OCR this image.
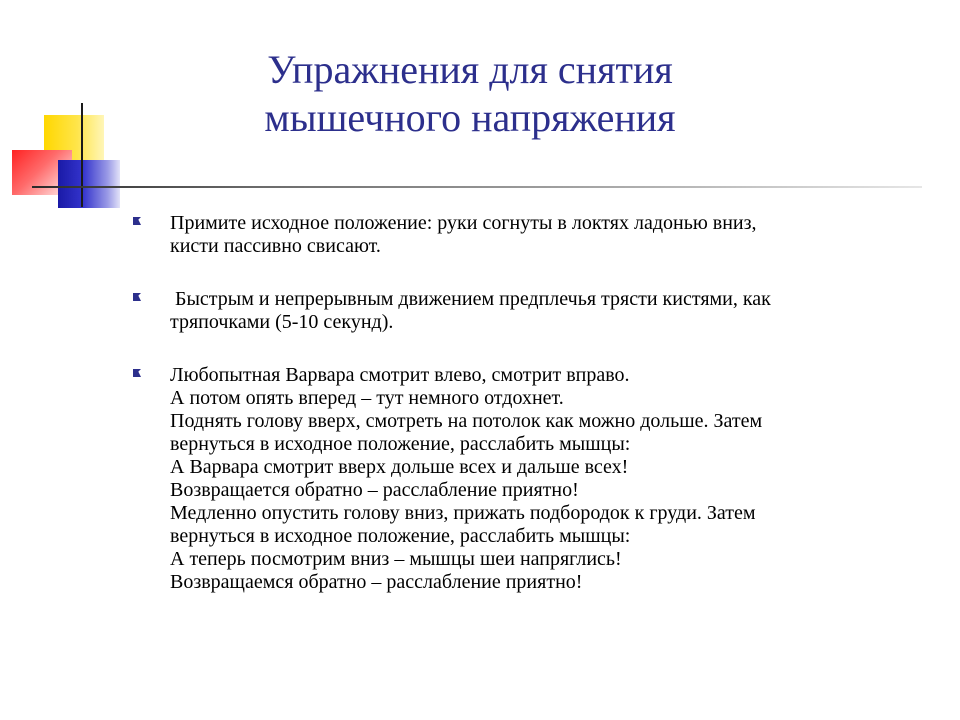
Упражнения для снятия
мышечного напряжения
Примите исходное положение: руки согнуты в локтях ладонью вниз,
кисти пассивно свисают.
Быстрым и непрерывным движением предплечья трясти кистями, как
тряпочками (5-10 секунд).
Любопытная Варвара смотрит влево, смотрит вправо.
А потом опять вперед – тут немного отдохнет.
Поднять голову вверх, смотреть на потолок как можно дольше. Затем
вернуться в исходное положение, расслабить мышцы:
А Варвара смотрит вверх дольше всех и дальше всех!
Возвращается обратно – расслабление приятно!
Медленно опустить голову вниз, прижать подбородок к груди. Затем
вернуться в исходное положение, расслабить мышцы:
А теперь посмотрим вниз – мышцы шеи напряглись!
Возвращаемся обратно – расслабление приятно!
